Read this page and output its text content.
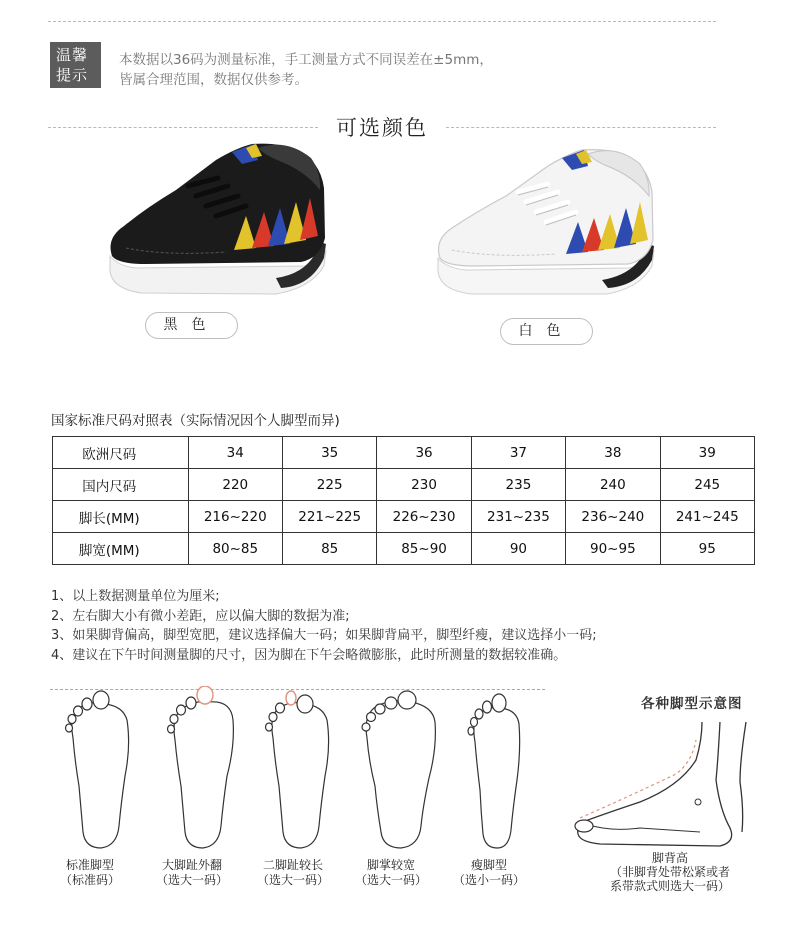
温馨
提示
本数据以36码为测量标准，手工测量方式不同误差在±5mm，
皆属合理范围，数据仅供参考。
可选颜色
黑色	白色
国家标准尺码对照表（实际情况因个人脚型而异)
欧洲尺码	34	35	36	37	38	39
国内尺码	220	225	230	235	240	245
脚长(MM)	216~220	221~225	226~230	231~235	236~240	241~245
脚宽(MM)	80~85	85	85~90	90	90~95	95
1、以上数据测量单位为厘米;
2、左右脚大小有微小差距，应以偏大脚的数据为准;
3、如果脚背偏高，脚型宽肥，建议选择偏大一码；如果脚背扁平，脚型纤瘦，建议选择小一码;
4、建议在下午时间测量脚的尺寸，因为脚在下午会略微膨胀，此时所测量的数据较准确。
标准脚型
（标准码）
大脚趾外翻
（选大一码）
二脚趾较长
（选大一码）
脚掌较宽
（选大一码）
瘦脚型
（选小一码）
各种脚型示意图
脚背高
（非脚背处带松紧或者
系带款式则选大一码）
